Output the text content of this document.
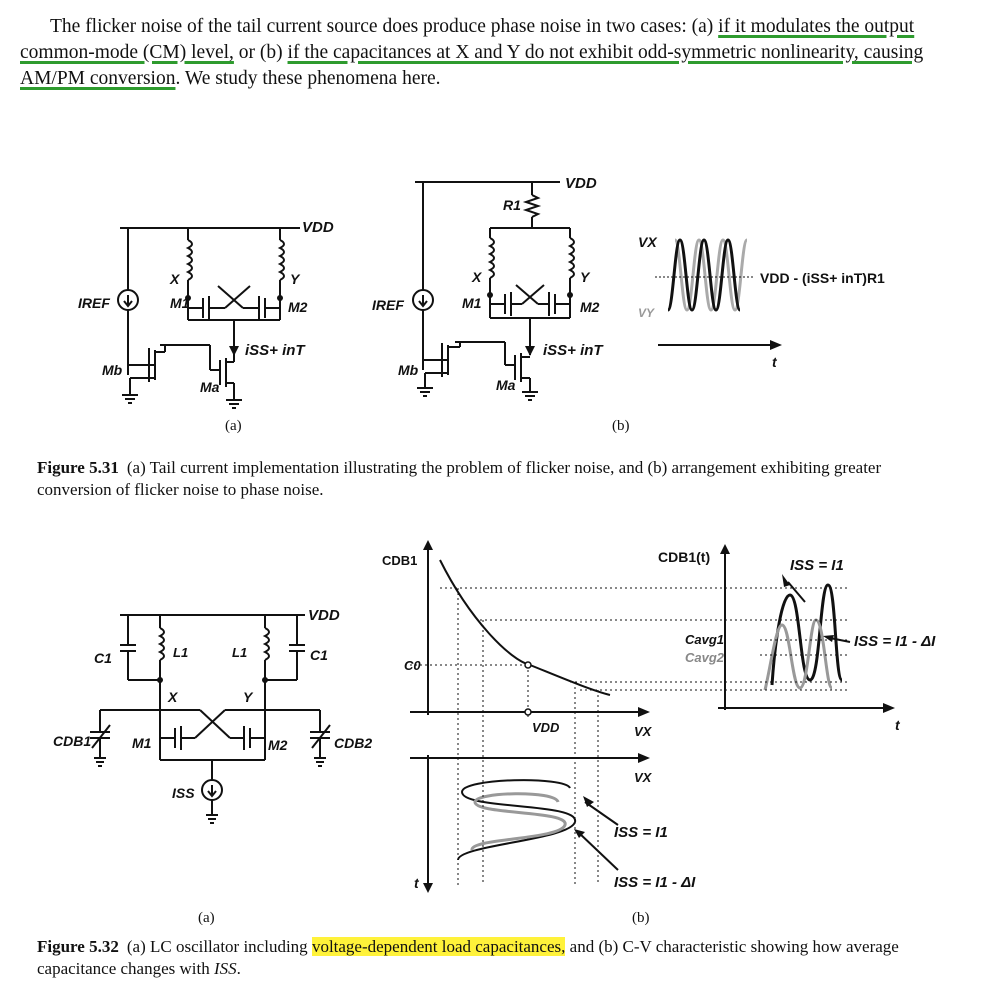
The flicker noise of the tail current source does produce phase noise in two cases: (a) if it modulates the output common-mode (CM) level, or (b) if the capacitances at X and Y do not exhibit odd-symmetric nonlinearity, causing AM/PM conversion. We study these phenomena here.

VDD
IREF
X	Y
M1	M2
Mb
Ma
iSS+ inT
(a)
VDD
R1
IREF
X	Y
M1	M2
Mb
Ma
iSS+ inT
VX
VY
VDD - (iSS+ inT)R1
t
(b)

Figure 5.31 (a) Tail current implementation illustrating the problem of flicker noise, and (b) arrangement exhibiting greater conversion of flicker noise to phase noise.

VDD
C1	L1	L1	C1
X	Y
M1	M2
CDB1	CDB2
ISS
(a)
CDB1
C0
VDD	VX
VX
t
ISS = I1
ISS = I1 - ΔI
CDB1(t)
t
Cavg1
Cavg2
ISS = I1
ISS = I1 - ΔI
(b)

Figure 5.32 (a) LC oscillator including voltage-dependent load capacitances, and (b) C-V characteristic showing how average capacitance changes with ISS.
